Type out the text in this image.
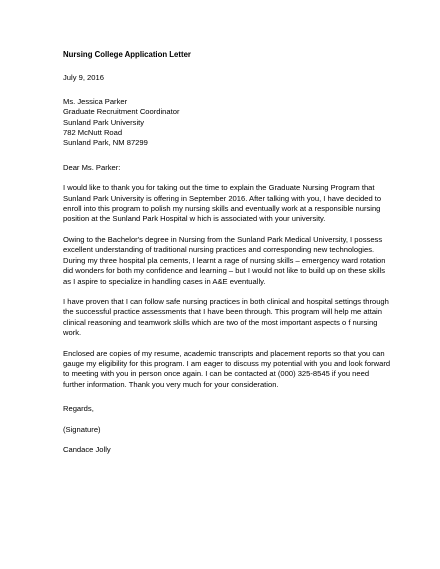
Nursing College Application Letter
July 9, 2016
Ms. Jessica Parker
Graduate Recruitment Coordinator
Sunland Park University
782 McNutt Road
Sunland Park, NM 87299
Dear Ms. Parker:
I would like to thank you for taking out the time to explain the Graduate Nursing Program that
Sunland Park University is offering in September 2016. After talking with you, I have decided to
enroll into this program to polish my nursing skills and eventually work at a responsible nursing
position at the Sunland Park Hospital w hich is associated with your university.
Owing to the Bachelor's degree in Nursing from the Sunland Park Medical University, I possess
excellent understanding of traditional nursing practices and corresponding new technologies.
During my three hospital pla cements, I learnt a rage of nursing skills – emergency ward rotation
did wonders for both my confidence and learning – but I would not like to build up on these skills
as I aspire to specialize in handling cases in A&E eventually.
I have proven that I can follow safe nursing practices in both clinical and hospital settings through
the successful practice assessments that I have been through. This program will help me attain
clinical reasoning and teamwork skills which are two of the most important aspects o f nursing
work.
Enclosed are copies of my resume, academic transcripts and placement reports so that you can
gauge my eligibility for this program. I am eager to discuss my potential with you and look forward
to meeting with you in person once again. I can be contacted at (000) 325-8545 if you need
further information. Thank you very much for your consideration.
Regards,
(Signature)
Candace Jolly
